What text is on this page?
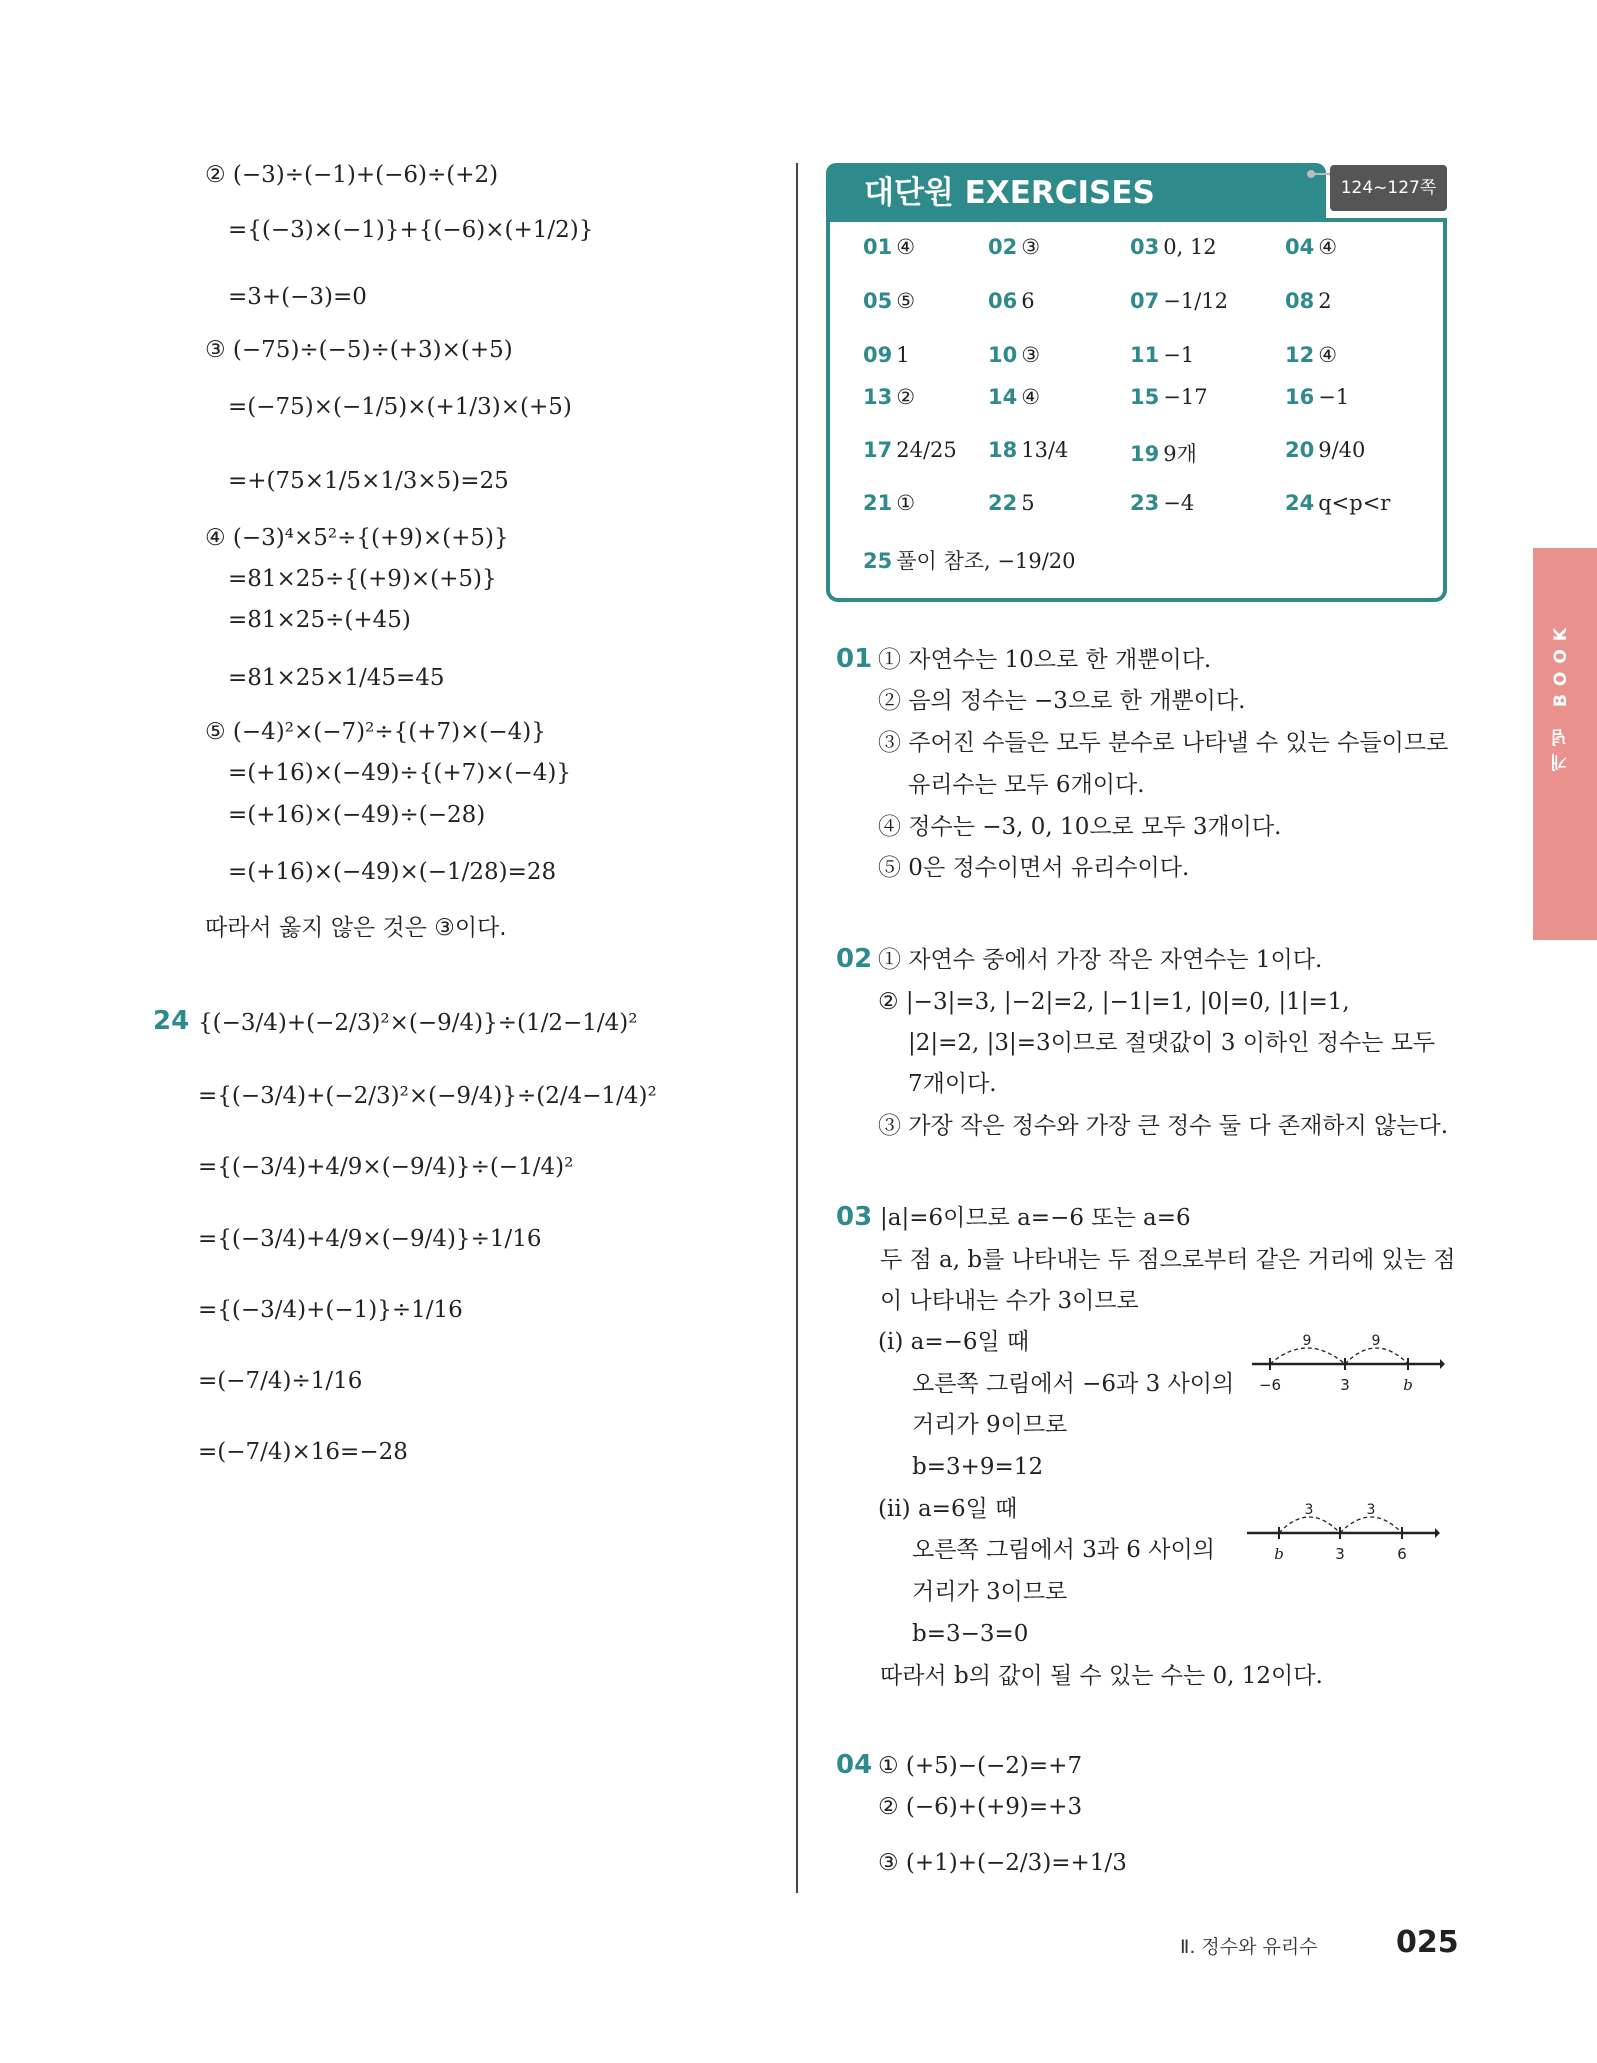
② (−3)÷(−1)+(−6)÷(+2)
={(−3)×(−1)}+{(−6)×(+1/2)}
=3+(−3)=0
③ (−75)÷(−5)÷(+3)×(+5)
=(−75)×(−1/5)×(+1/3)×(+5)
=+(75×1/5×1/3×5)=25
④ (−3)⁴×5²÷{(+9)×(+5)}
=81×25÷{(+9)×(+5)}
=81×25÷(+45)
=81×25×1/45=45
⑤ (−4)²×(−7)²÷{(+7)×(−4)}
=(+16)×(−49)÷{(+7)×(−4)}
=(+16)×(−49)÷(−28)
=(+16)×(−49)×(−1/28)=28
따라서 옳지 않은 것은 ③이다.
24 {(−3/4)+(−2/3)²×(−9/4)}÷(1/2−1/4)²
={(−3/4)+(−2/3)²×(−9/4)}÷(2/4−1/4)²
={(−3/4)+4/9×(−9/4)}÷(−1/4)²
={(−3/4)+4/9×(−9/4)}÷1/16
={(−3/4)+(−1)}÷1/16
=(−7/4)÷1/16
=(−7/4)×16=−28
대단원 EXERCISES	124~127쪽
01 ④	02 ③	03 0, 12	04 ④
05 ⑤	06 6	07 −1/12	08 2
09 1	10 ③	11 −1	12 ④
13 ②	14 ④	15 −17	16 −1
17 24/25 18 13/4	19 9개	20 9/40
21 ①	22 5	23 −4	24 q<p<r
25 풀이 참조, −19/20
01 ① 자연수는 10으로 한 개뿐이다.
② 음의 정수는 −3으로 한 개뿐이다.
③ 주어진 수들은 모두 분수로 나타낼 수 있는 수들이므로
유리수는 모두 6개이다.
④ 정수는 −3, 0, 10으로 모두 3개이다.
⑤ 0은 정수이면서 유리수이다.
02 ① 자연수 중에서 가장 작은 자연수는 1이다.
② |−3|=3, |−2|=2, |−1|=1, |0|=0, |1|=1,
|2|=2, |3|=3이므로 절댓값이 3 이하인 정수는 모두
7개이다.
③ 가장 작은 정수와 가장 큰 정수 둘 다 존재하지 않는다.
03 |a|=6이므로 a=−6 또는 a=6
두 점 a, b를 나타내는 두 점으로부터 같은 거리에 있는 점
이 나타내는 수가 3이므로
(i) a=−6일 때
오른쪽 그림에서 −6과 3 사이의
거리가 9이므로
b=3+9=12
(ii) a=6일 때
오른쪽 그림에서 3과 6 사이의
거리가 3이므로
b=3−3=0
따라서 b의 값이 될 수 있는 수는 0, 12이다.
9	9
−6	3	b
3	3
b	3	6
04 ① (+5)−(−2)=+7
② (−6)+(+9)=+3
③ (+1)+(−2/3)=+1/3
개념 BOOK
Ⅱ. 정수와 유리수	025
